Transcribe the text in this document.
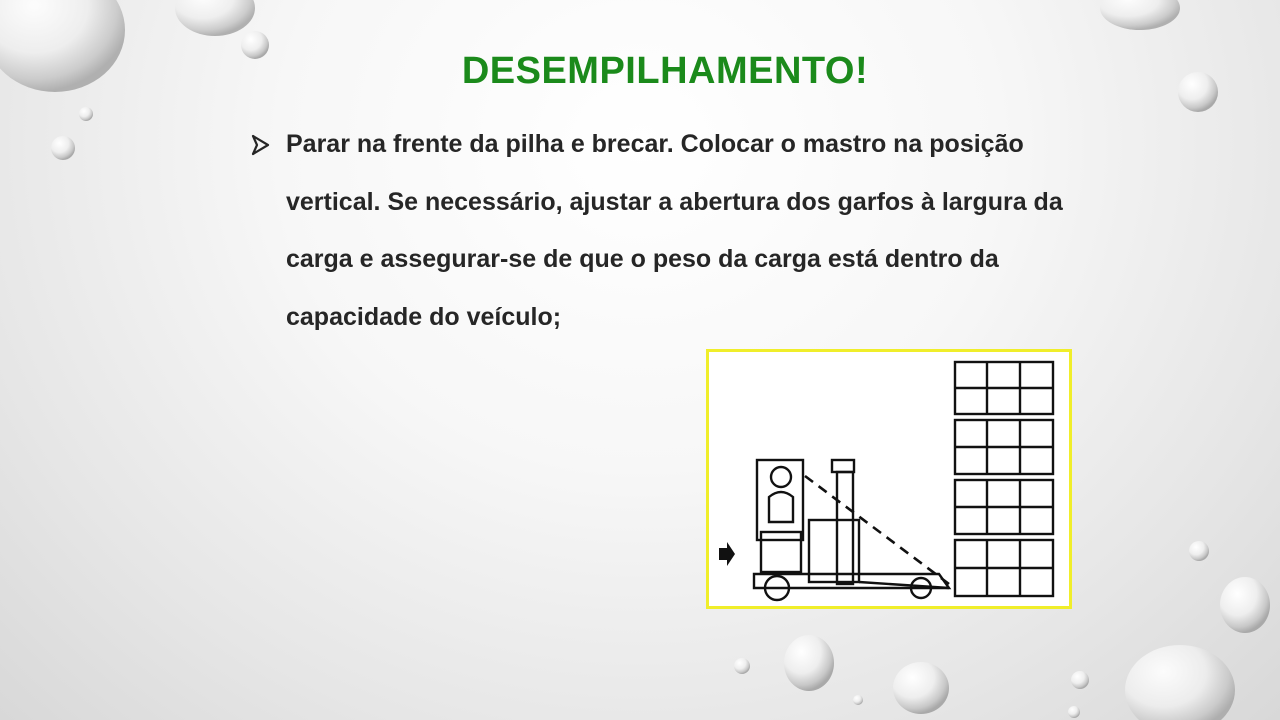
DESEMPILHAMENTO!

Parar na frente da pilha e brecar. Colocar o mastro na posição vertical. Se necessário, ajustar a abertura dos garfos à largura da carga e assegurar-se de que o peso da carga está dentro da capacidade do veículo;
